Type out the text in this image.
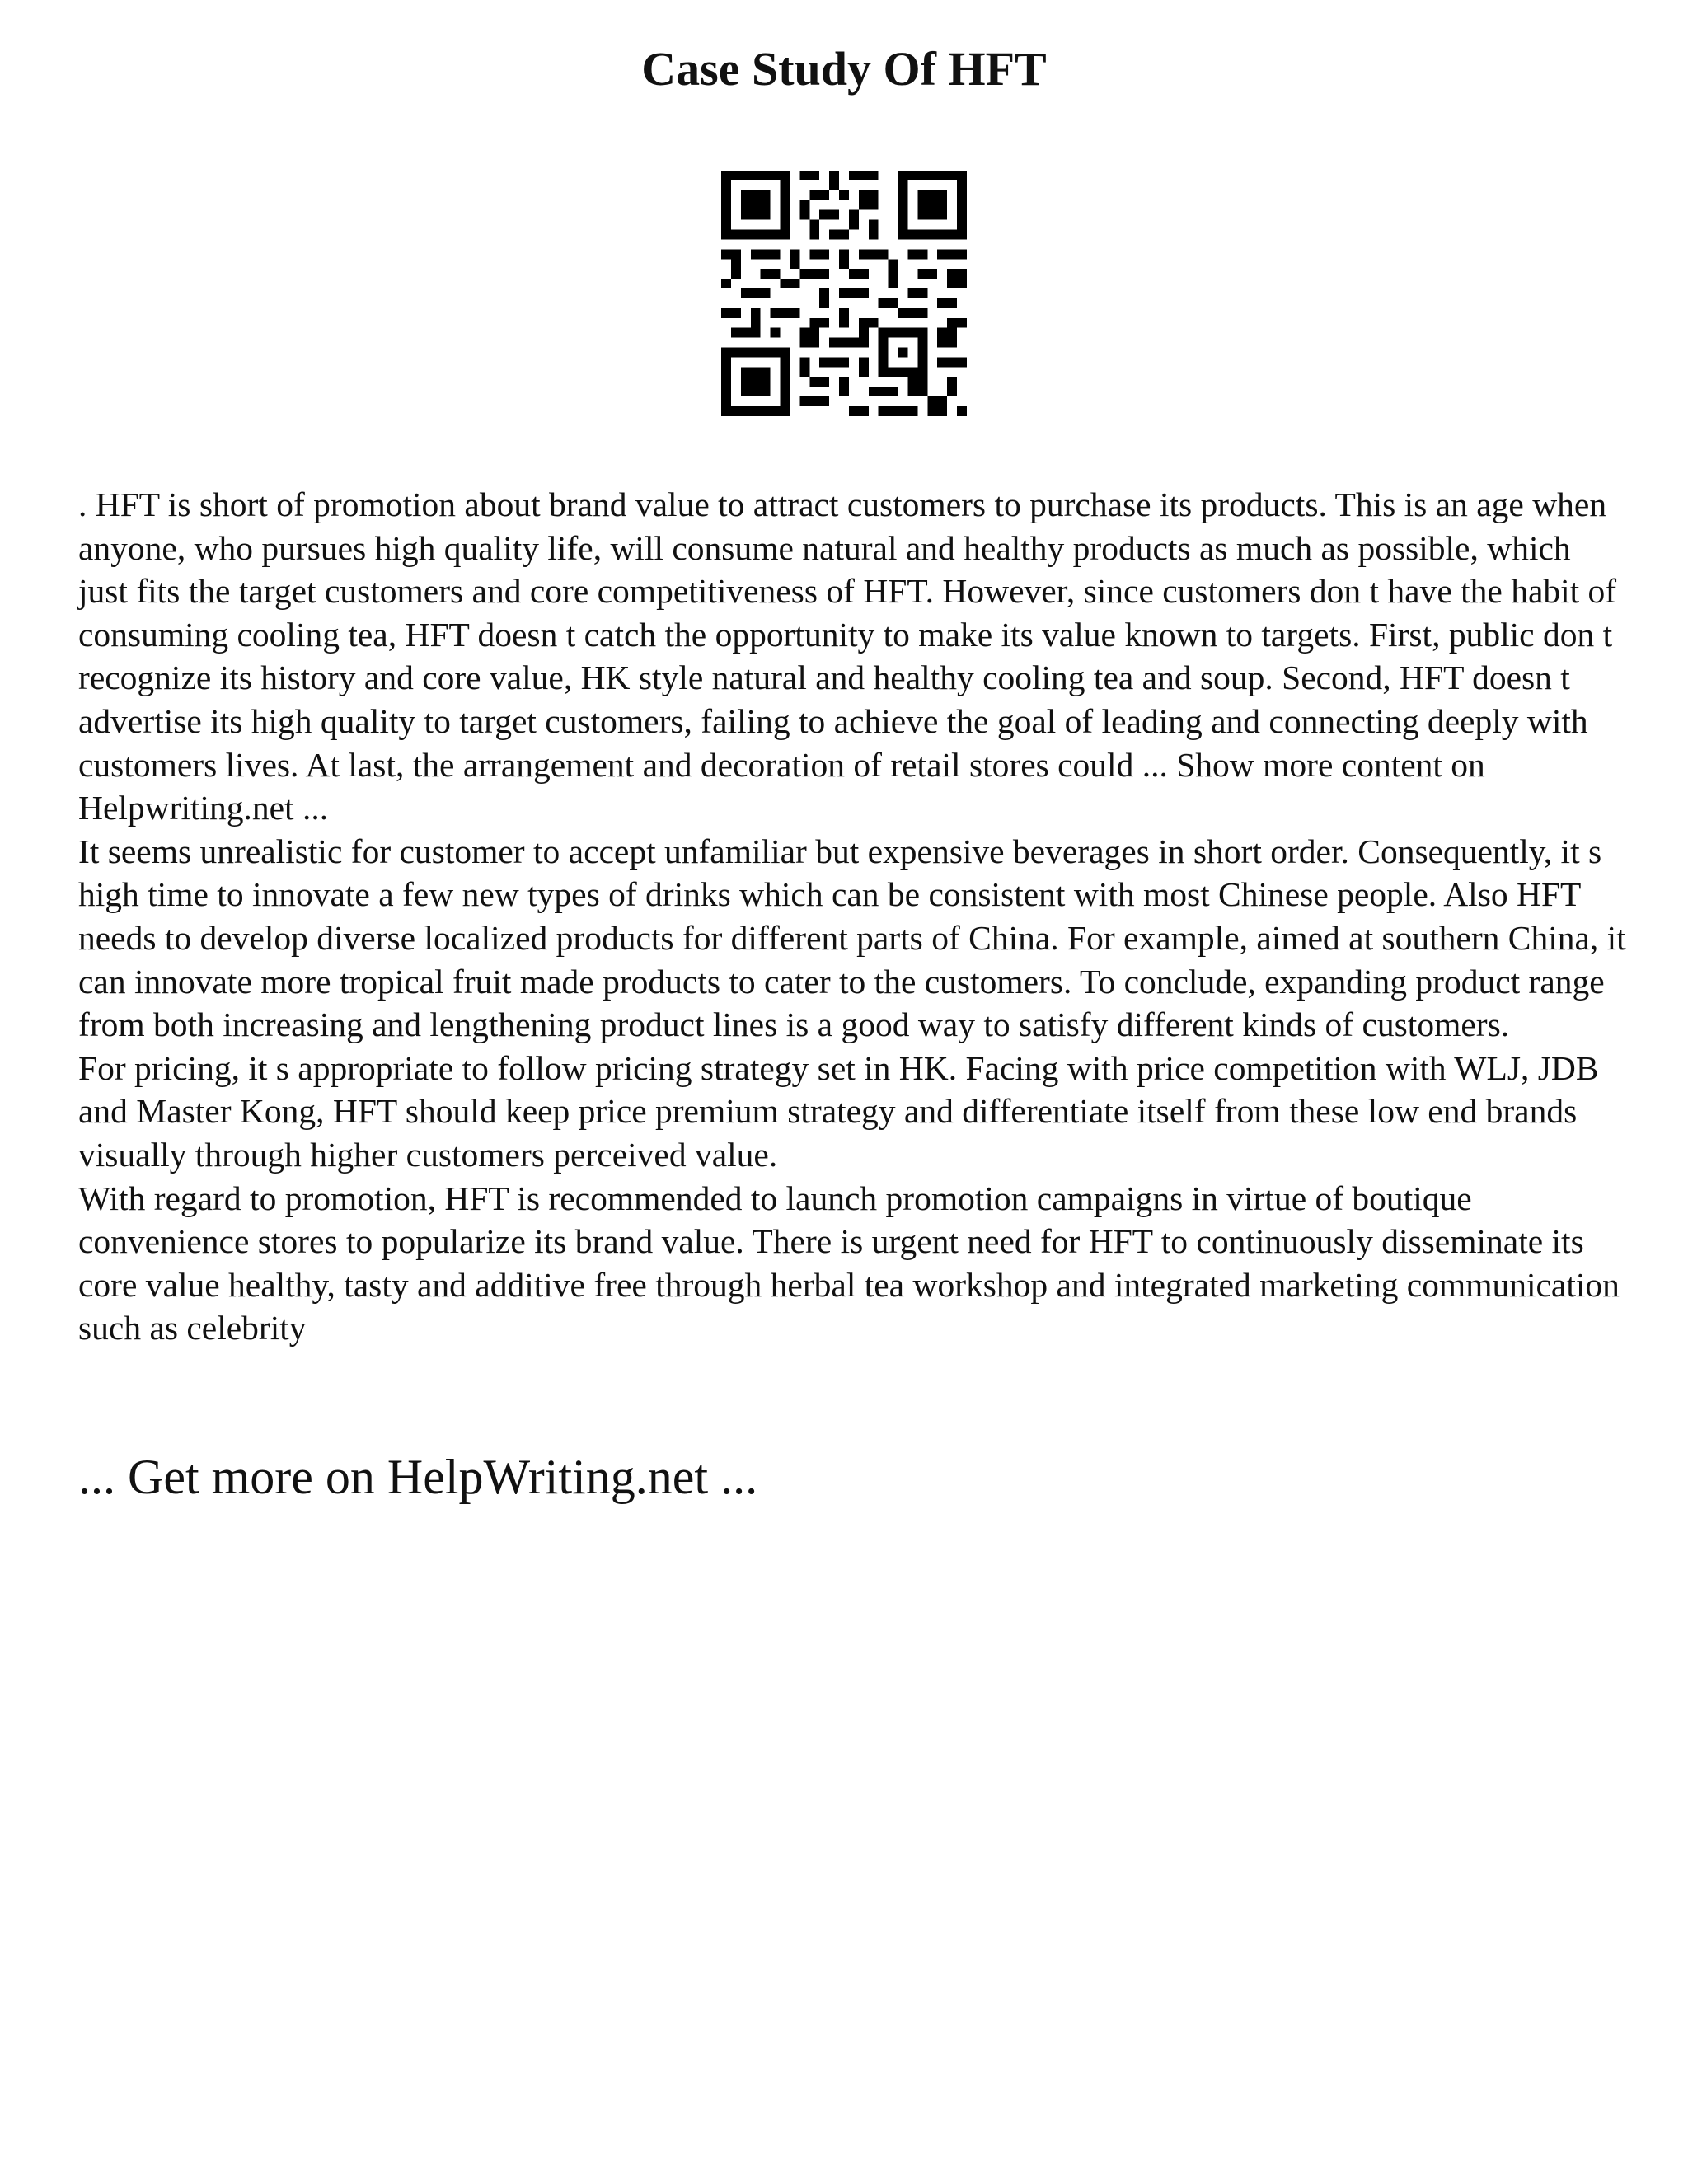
Case Study Of HFT
. HFT is short of promotion about brand value to attract customers to purchase its products. This is an age when anyone, who pursues high quality life, will consume natural and healthy products as much as possible, which just fits the target customers and core competitiveness of HFT. However, since customers don t have the habit of consuming cooling tea, HFT doesn t catch the opportunity to make its value known to targets. First, public don t recognize its history and core value, HK style natural and healthy cooling tea and soup. Second, HFT doesn t advertise its high quality to target customers, failing to achieve the goal of leading and connecting deeply with customers lives. At last, the arrangement and decoration of retail stores could ... Show more content on Helpwriting.net ...
It seems unrealistic for customer to accept unfamiliar but expensive beverages in short order. Consequently, it s high time to innovate a few new types of drinks which can be consistent with most Chinese people. Also HFT needs to develop diverse localized products for different parts of China. For example, aimed at southern China, it can innovate more tropical fruit made products to cater to the customers. To conclude, expanding product range from both increasing and lengthening product lines is a good way to satisfy different kinds of customers.
For pricing, it s appropriate to follow pricing strategy set in HK. Facing with price competition with WLJ, JDB and Master Kong, HFT should keep price premium strategy and differentiate itself from these low end brands visually through higher customers perceived value.
With regard to promotion, HFT is recommended to launch promotion campaigns in virtue of boutique convenience stores to popularize its brand value. There is urgent need for HFT to continuously disseminate its core value healthy, tasty and additive free through herbal tea workshop and integrated marketing communication such as celebrity

... Get more on HelpWriting.net ...
